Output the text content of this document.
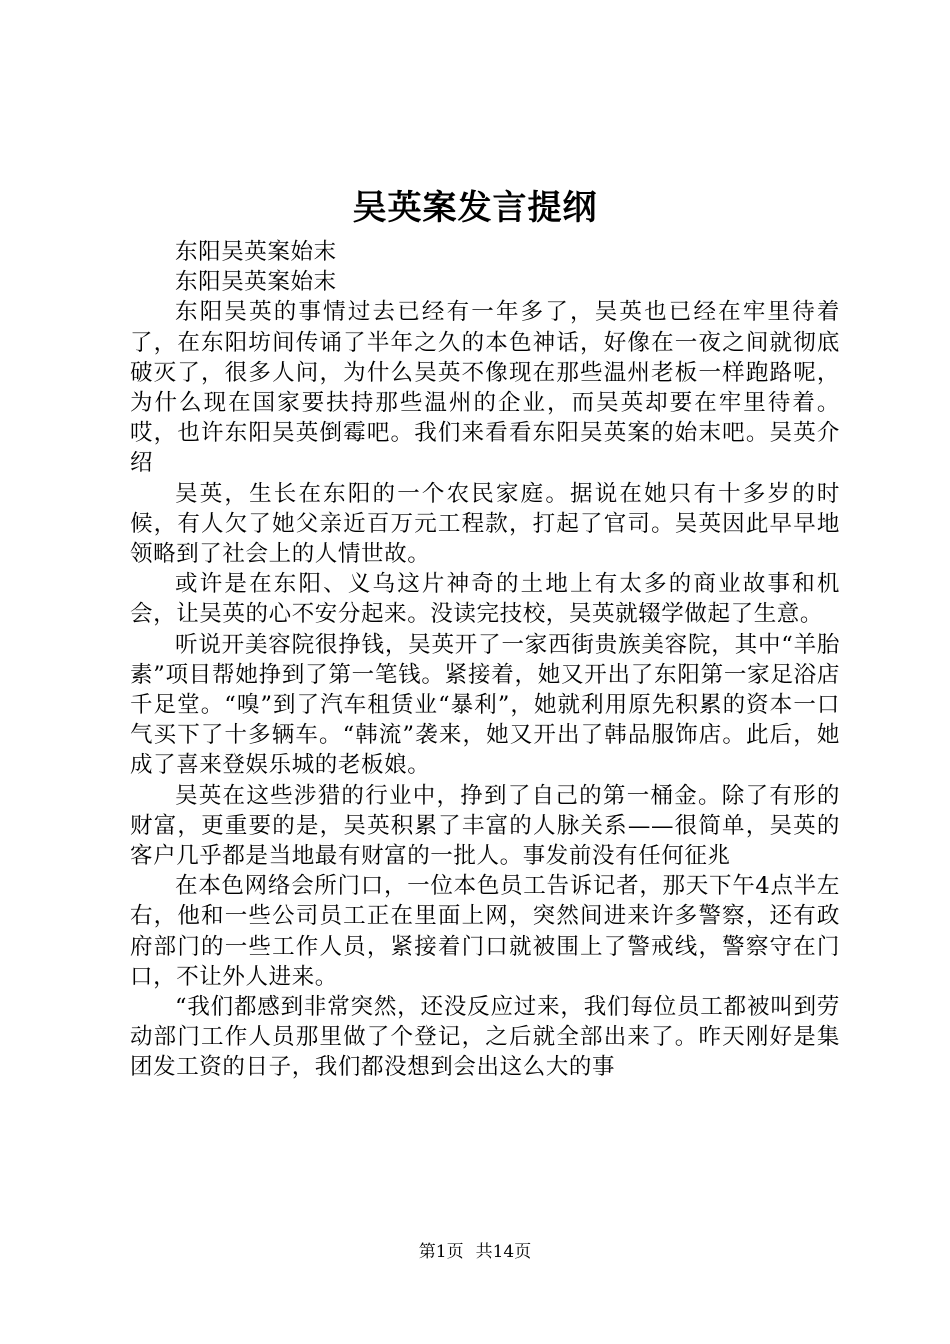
吴英案发言提纲

东阳吴英案始末

东阳吴英案始末

东阳吴英的事情过去已经有一年多了，吴英也已经在牢里待着了，在东阳坊间传诵了半年之久的本色神话，好像在一夜之间就彻底破灭了，很多人问，为什么吴英不像现在那些温州老板一样跑路呢，为什么现在国家要扶持那些温州的企业，而吴英却要在牢里待着。哎，也许东阳吴英倒霉吧。我们来看看东阳吴英案的始末吧。吴英介绍

吴英，生长在东阳的一个农民家庭。据说在她只有十多岁的时候，有人欠了她父亲近百万元工程款，打起了官司。吴英因此早早地领略到了社会上的人情世故。

或许是在东阳、义乌这片神奇的土地上有太多的商业故事和机会，让吴英的心不安分起来。没读完技校，吴英就辍学做起了生意。

听说开美容院很挣钱，吴英开了一家西街贵族美容院，其中“羊胎素”项目帮她挣到了第一笔钱。紧接着，她又开出了东阳第一家足浴店千足堂。“嗅”到了汽车租赁业“暴利”，她就利用原先积累的资本一口气买下了十多辆车。“韩流”袭来，她又开出了韩品服饰店。此后，她成了喜来登娱乐城的老板娘。

吴英在这些涉猎的行业中，挣到了自己的第一桶金。除了有形的财富，更重要的是，吴英积累了丰富的人脉关系——很简单，吴英的客户几乎都是当地最有财富的一批人。事发前没有任何征兆

在本色网络会所门口，一位本色员工告诉记者，那天下午4点半左右，他和一些公司员工正在里面上网，突然间进来许多警察，还有政府部门的一些工作人员，紧接着门口就被围上了警戒线，警察守在门口，不让外人进来。

“我们都感到非常突然，还没反应过来，我们每位员工都被叫到劳动部门工作人员那里做了个登记，之后就全部出来了。昨天刚好是集团发工资的日子，我们都没想到会出这么大的事

第1页 共14页
